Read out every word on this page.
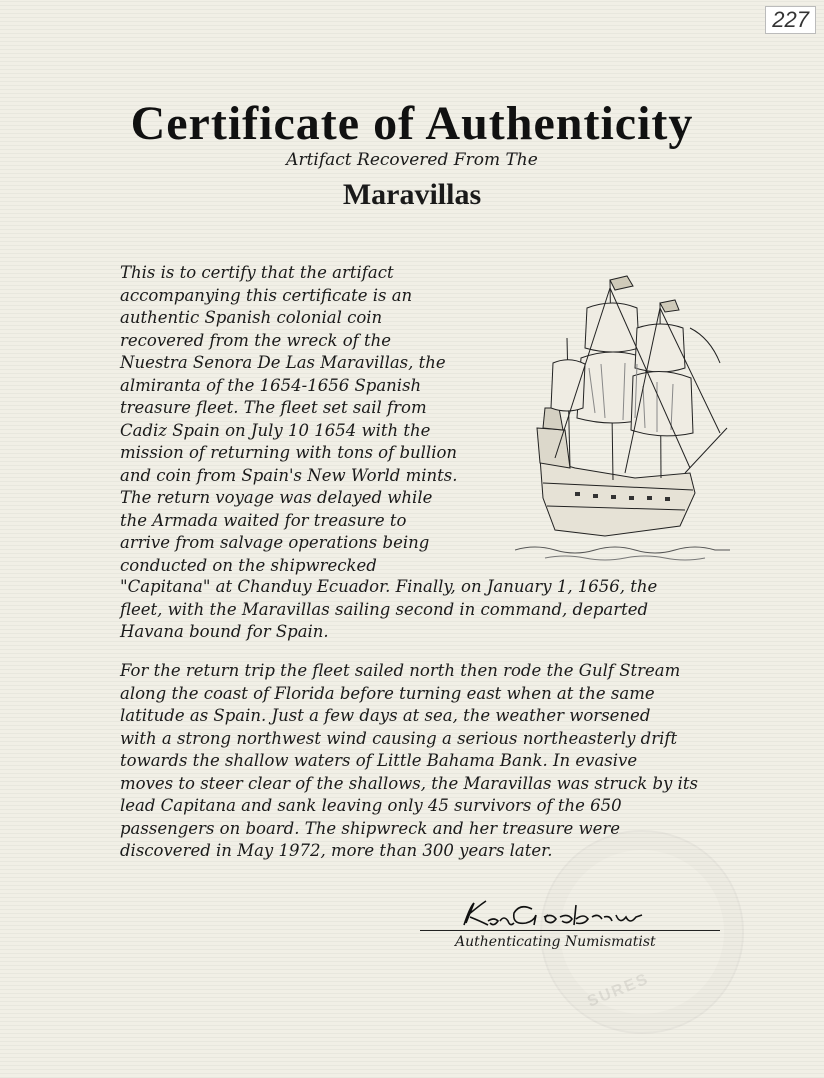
227
Certificate of Authenticity
Artifact Recovered From The
Maravillas
This is to certify that the artifact
accompanying this certificate is an
authentic Spanish colonial coin
recovered from the wreck of the
Nuestra Senora De Las Maravillas, the
almiranta of the 1654-1656 Spanish
treasure fleet. The fleet set sail from
Cadiz Spain on July 10 1654 with the
mission of returning with tons of bullion
and coin from Spain's New World mints.
The return voyage was delayed while
the Armada waited for treasure to
arrive from salvage operations being
conducted on the shipwrecked
"Capitana" at Chanduy Ecuador. Finally, on January 1, 1656, the
fleet, with the Maravillas sailing second in command, departed
Havana bound for Spain.
For the return trip the fleet sailed north then rode the Gulf Stream
along the coast of Florida before turning east when at the same
latitude as Spain. Just a few days at sea, the weather worsened
with a strong northwest wind causing a serious northeasterly drift
towards the shallow waters of Little Bahama Bank. In evasive
moves to steer clear of the shallows, the Maravillas was struck by its
lead Capitana and sank leaving only 45 survivors of the 650
passengers on board. The shipwreck and her treasure were
discovered in May 1972, more than 300 years later.
SURES
Ken Goodrow
Authenticating Numismatist
